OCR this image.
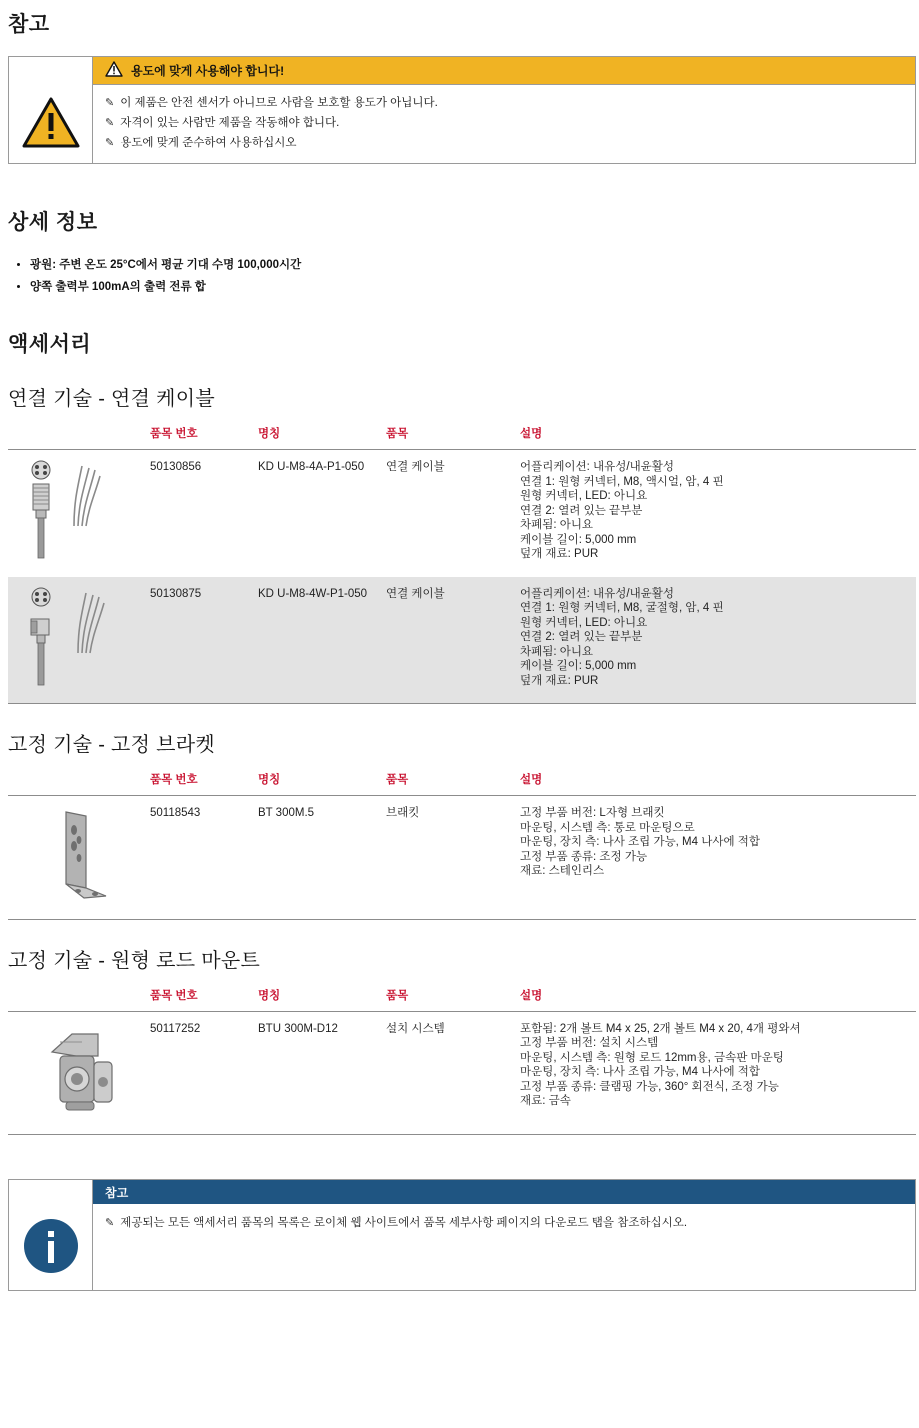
참고
용도에 맞게 사용해야 합니다!
✎ 이 제품은 안전 센서가 아니므로 사람을 보호할 용도가 아닙니다.
✎ 자격이 있는 사람만 제품을 작동해야 합니다.
✎ 용도에 맞게 준수하여 사용하십시오
상세 정보
• 광원: 주변 온도 25°C에서 평균 기대 수명 100,000시간
• 양쪽 출력부 100mA의 출력 전류 합
액세서리
연결 기술 - 연결 케이블
	품목 번호	명칭	품목	설명

	50130856	KD U-M8-4A-P1-050	연결 케이블	어플리케이션: 내유성/내윤활성
연결 1: 원형 커넥터, M8, 액시얼, 암, 4 핀
원형 커넥터, LED: 아니요
연결 2: 열려 있는 끝부분
차폐됨: 아니요
케이블 길이: 5,000 mm
덮개 재료: PUR

	50130875	KD U-M8-4W-P1-050	연결 케이블	어플리케이션: 내유성/내윤활성
연결 1: 원형 커넥터, M8, 굴절형, 암, 4 핀
원형 커넥터, LED: 아니요
연결 2: 열려 있는 끝부분
차폐됨: 아니요
케이블 길이: 5,000 mm
덮개 재료: PUR
고정 기술 - 고정 브라켓
	품목 번호	명칭	품목	설명

	50118543	BT 300M.5	브래킷	고정 부품 버전: L자형 브래킷
마운팅, 시스템 측: 통로 마운팅으로
마운팅, 장치 측: 나사 조립 가능, M4 나사에 적합
고정 부품 종류: 조정 가능
재료: 스테인리스
고정 기술 - 원형 로드 마운트
	품목 번호	명칭	품목	설명

	50117252	BTU 300M-D12	설치 시스템	포함됨: 2개 볼트 M4 x 25, 2개 볼트 M4 x 20, 4개 평와셔
고정 부품 버전: 설치 시스템
마운팅, 시스템 측: 원형 로드 12mm용, 금속판 마운팅
마운팅, 장치 측: 나사 조립 가능, M4 나사에 적합
고정 부품 종류: 클램핑 가능, 360° 회전식, 조정 가능
재료: 금속
참고
✎ 제공되는 모든 액세서리 품목의 목록은 로이체 웹 사이트에서 품목 세부사항 페이지의 다운로드 탭을 참조하십시오.
